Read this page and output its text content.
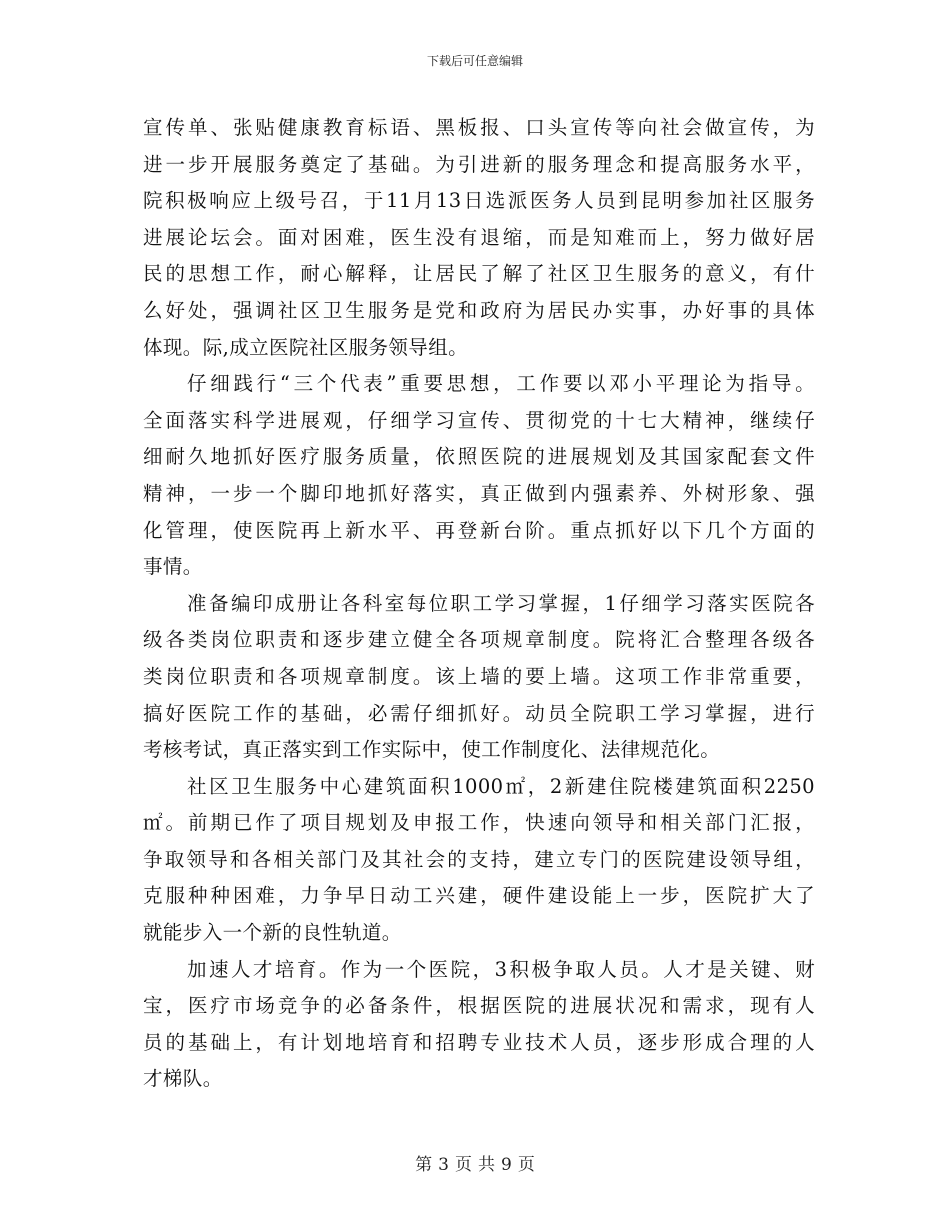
下载后可任意编辑
宣传单、张贴健康教育标语、黑板报、口头宣传等向社会做宣传，为
进一步开展服务奠定了基础。为引进新的服务理念和提高服务水平，
院积极响应上级号召，于11月13日选派医务人员到昆明参加社区服务
进展论坛会。面对困难，医生没有退缩，而是知难而上，努力做好居
民的思想工作，耐心解释，让居民了解了社区卫生服务的意义，有什
么好处，强调社区卫生服务是党和政府为居民办实事，办好事的具体
体现。际,成立医院社区服务领导组。
仔细践行“三个代表”重要思想，工作要以邓小平理论为指导。
全面落实科学进展观，仔细学习宣传、贯彻党的十七大精神，继续仔
细耐久地抓好医疗服务质量，依照医院的进展规划及其国家配套文件
精神，一步一个脚印地抓好落实，真正做到内强素养、外树形象、强
化管理，使医院再上新水平、再登新台阶。重点抓好以下几个方面的
事情。
准备编印成册让各科室每位职工学习掌握，1仔细学习落实医院各
级各类岗位职责和逐步建立健全各项规章制度。院将汇合整理各级各
类岗位职责和各项规章制度。该上墙的要上墙。这项工作非常重要，
搞好医院工作的基础，必需仔细抓好。动员全院职工学习掌握，进行
考核考试，真正落实到工作实际中，使工作制度化、法律规范化。
社区卫生服务中心建筑面积1000㎡，2新建住院楼建筑面积2250
㎡。前期已作了项目规划及申报工作，快速向领导和相关部门汇报，
争取领导和各相关部门及其社会的支持，建立专门的医院建设领导组，
克服种种困难，力争早日动工兴建，硬件建设能上一步，医院扩大了
就能步入一个新的良性轨道。
加速人才培育。作为一个医院，3积极争取人员。人才是关键、财
宝，医疗市场竞争的必备条件，根据医院的进展状况和需求，现有人
员的基础上，有计划地培育和招聘专业技术人员，逐步形成合理的人
才梯队。
第 3 页 共 9 页
